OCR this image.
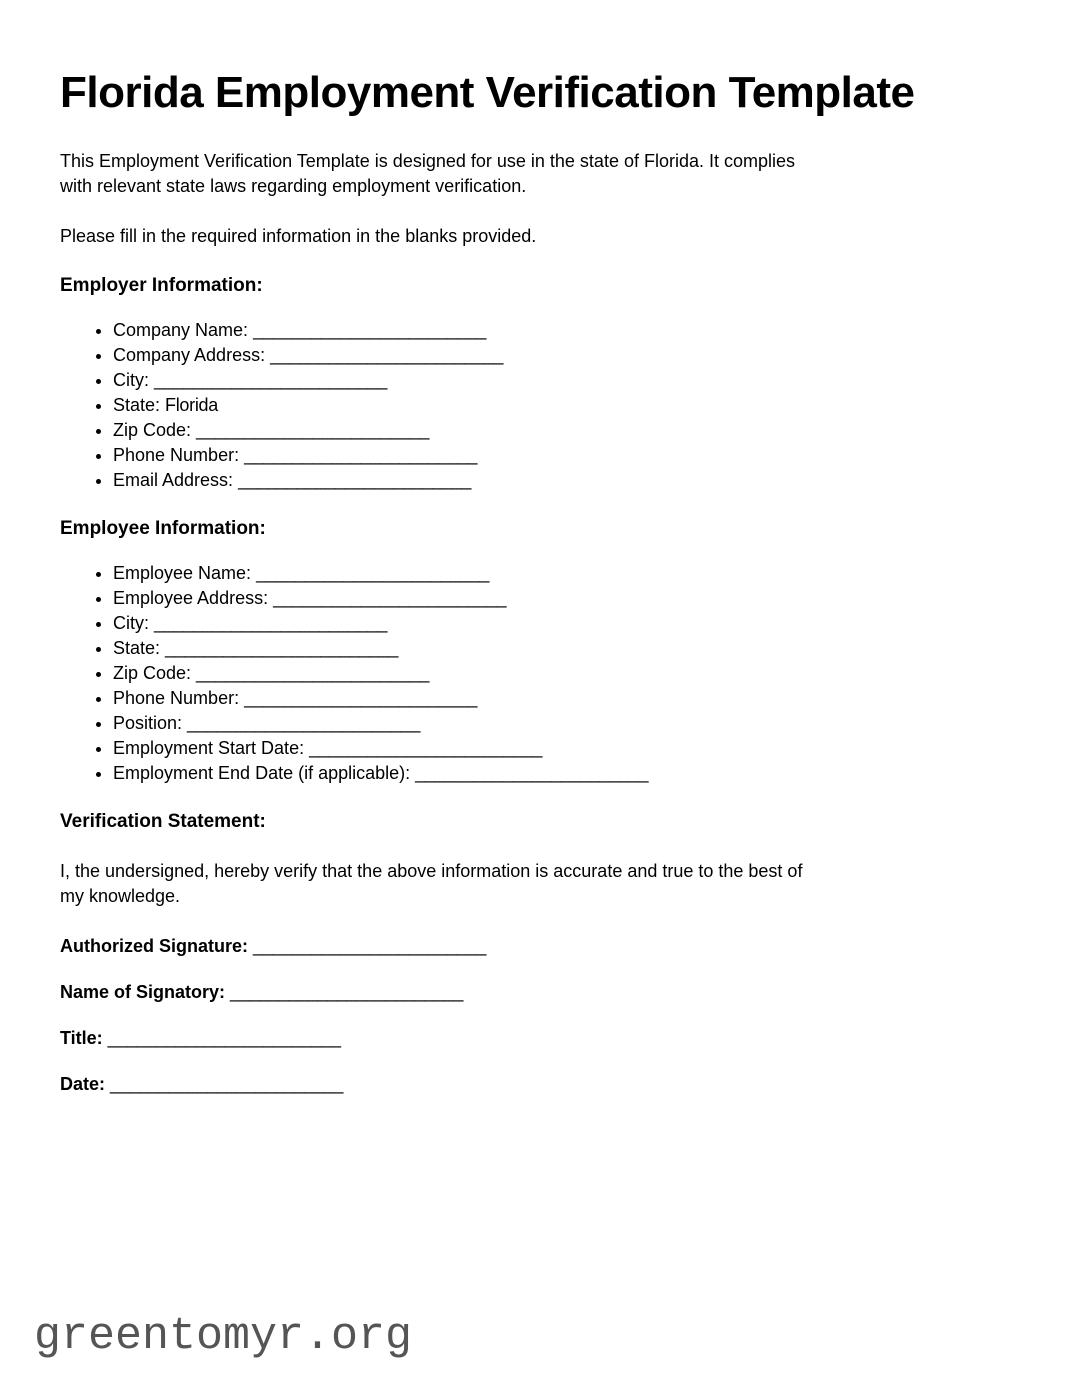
Florida Employment Verification Template

This Employment Verification Template is designed for use in the state of Florida. It complies with relevant state laws regarding employment verification.

Please fill in the required information in the blanks provided.

Employer Information:
• Company Name: ________________________
• Company Address: ________________________
• City: ________________________
• State: Florida
• Zip Code: ________________________
• Phone Number: ________________________
• Email Address: ________________________
Employee Information:
• Employee Name: ________________________
• Employee Address: ________________________
• City: ________________________
• State: ________________________
• Zip Code: ________________________
• Phone Number: ________________________
• Position: ________________________
• Employment Start Date: ________________________
• Employment End Date (if applicable): ________________________
Verification Statement:

I, the undersigned, hereby verify that the above information is accurate and true to the best of my knowledge.

Authorized Signature: ________________________

Name of Signatory: ________________________

Title: ________________________

Date: ________________________

greentomyr.org
